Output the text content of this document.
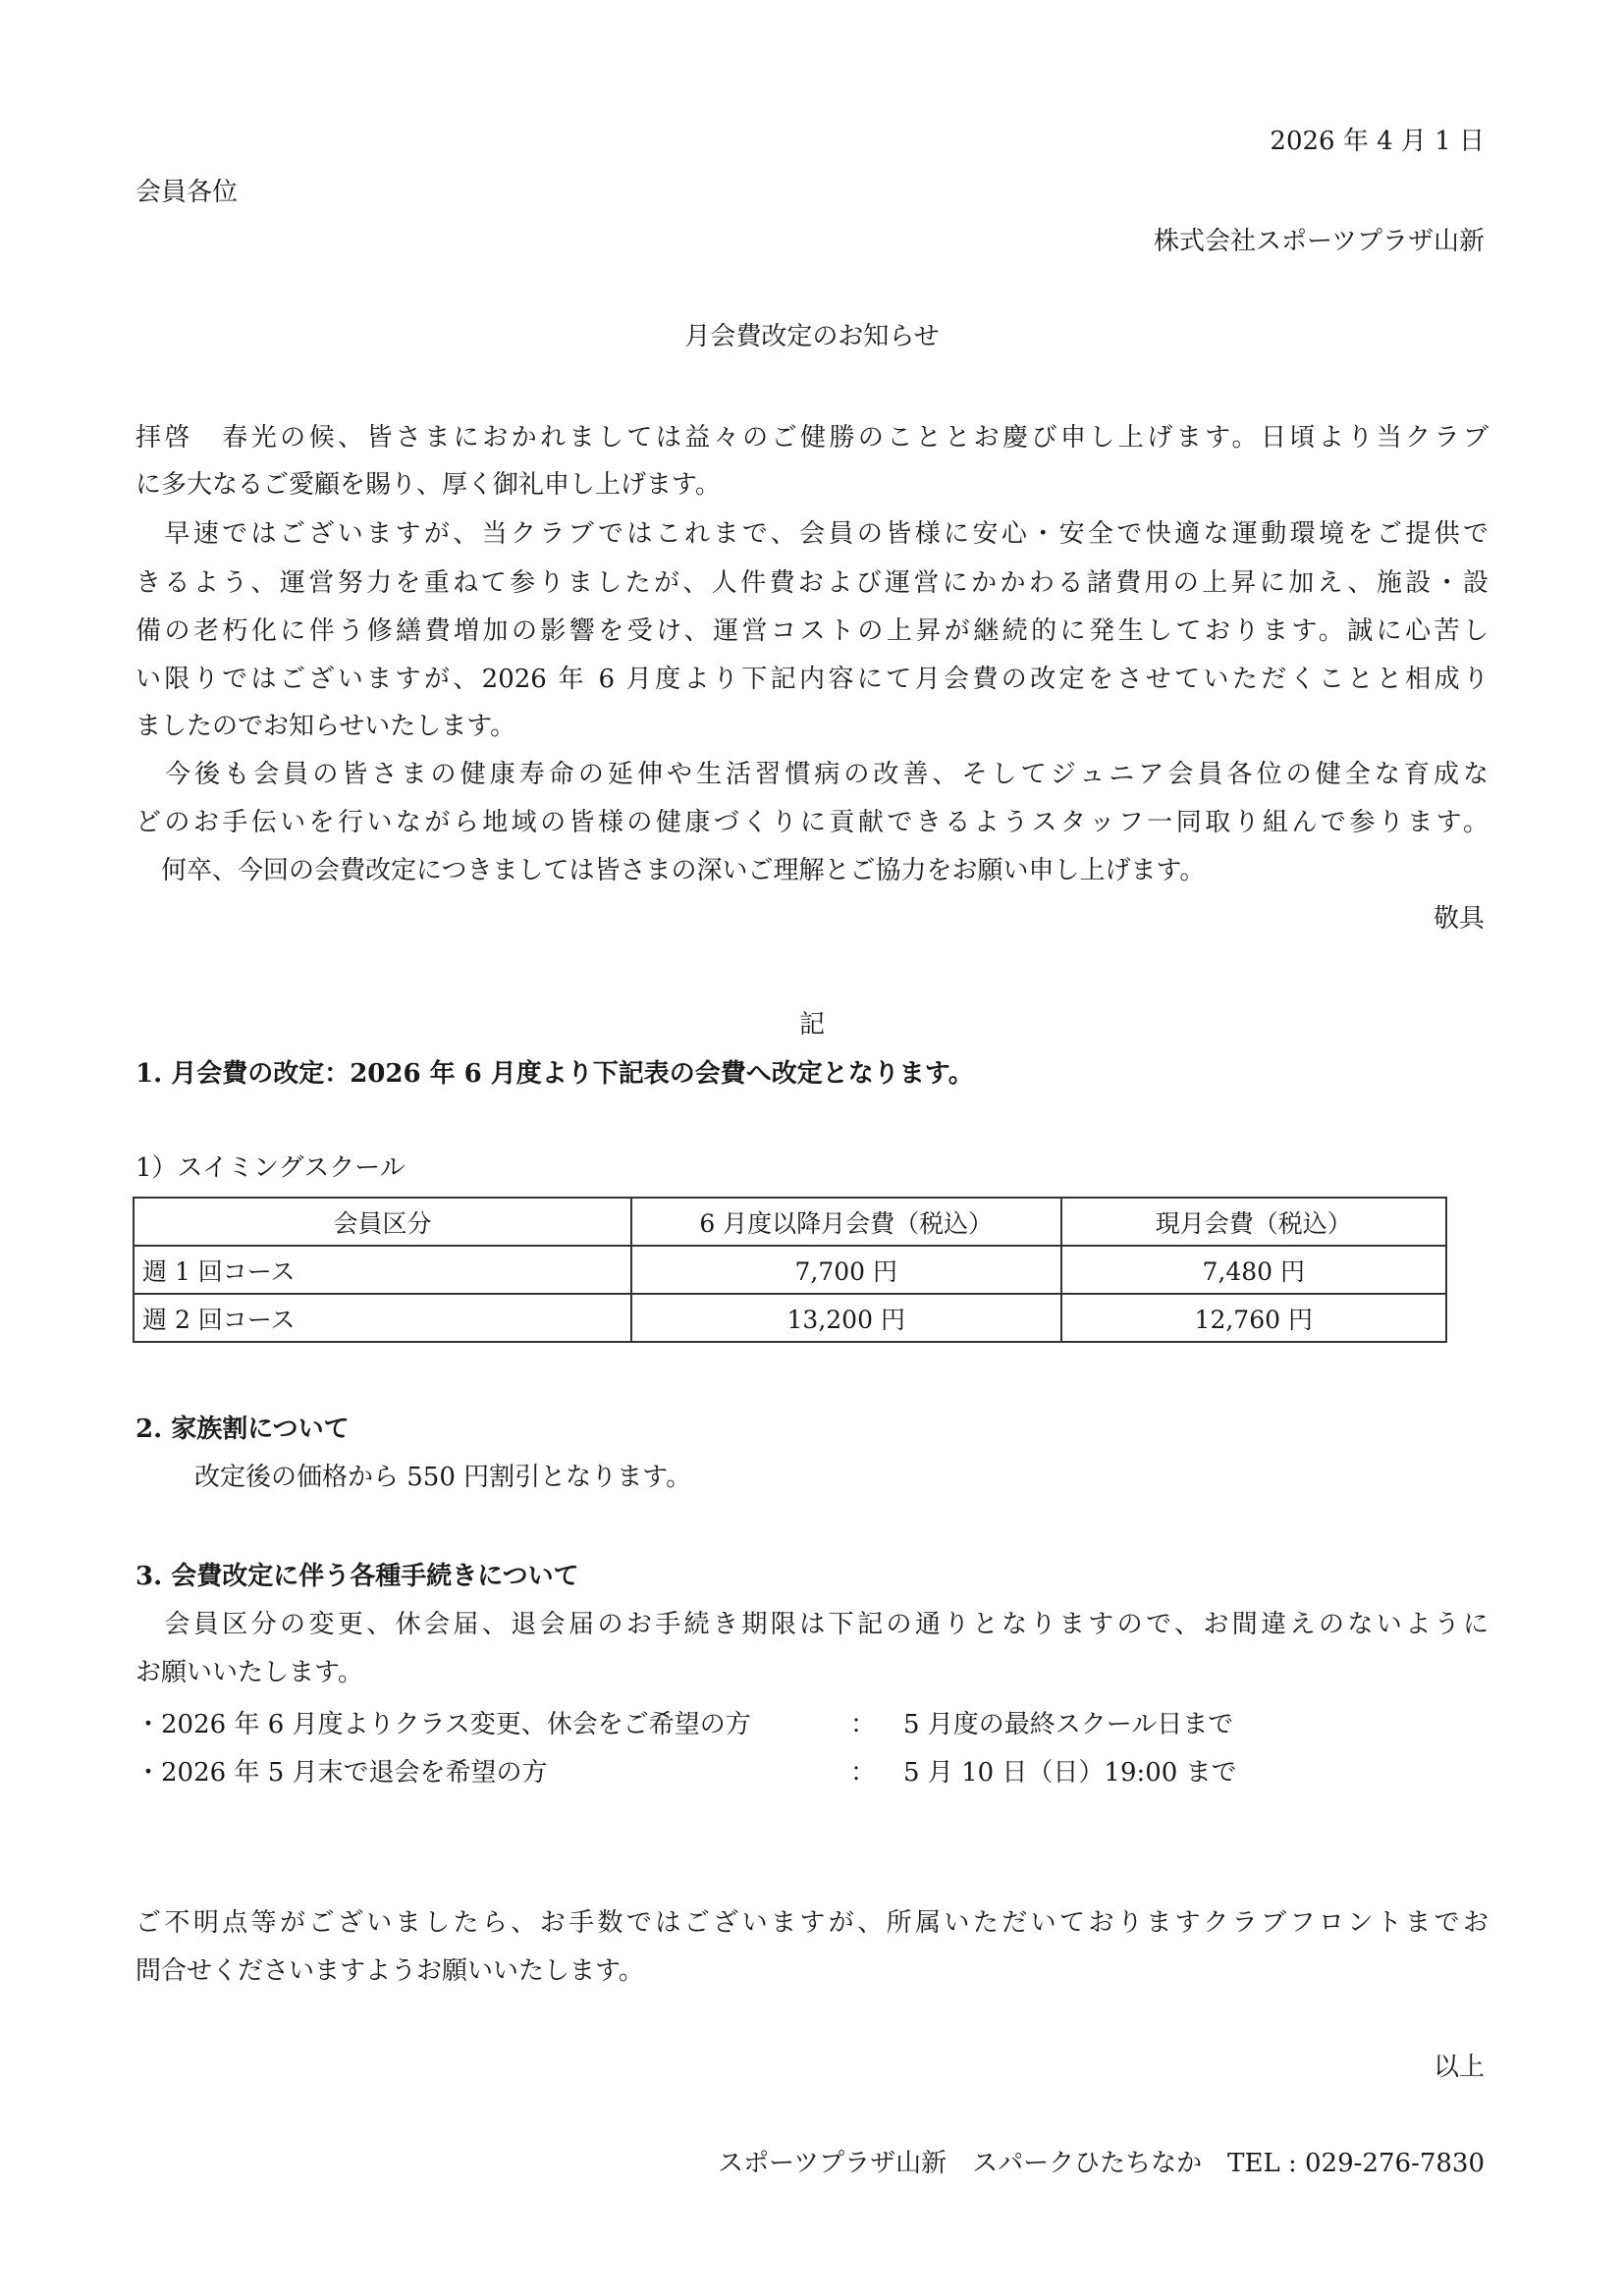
2026 年 4 月 1 日
会員各位
株式会社スポーツプラザ山新
月会費改定のお知らせ
拝啓　春光の候、皆さまにおかれましては益々のご健勝のこととお慶び申し上げます。日頃より当クラブ
に多大なるご愛顧を賜り、厚く御礼申し上げます。
　早速ではございますが、当クラブではこれまで、会員の皆様に安心・安全で快適な運動環境をご提供で
きるよう、運営努力を重ねて参りましたが、人件費および運営にかかわる諸費用の上昇に加え、施設・設
備の老朽化に伴う修繕費増加の影響を受け、運営コストの上昇が継続的に発生しております。誠に心苦し
い限りではございますが、2026 年 6 月度より下記内容にて月会費の改定をさせていただくことと相成り
ましたのでお知らせいたします。
　今後も会員の皆さまの健康寿命の延伸や生活習慣病の改善、そしてジュニア会員各位の健全な育成な
どのお手伝いを行いながら地域の皆様の健康づくりに貢献できるようスタッフ一同取り組んで参ります。
　何卒、今回の会費改定につきましては皆さまの深いご理解とご協力をお願い申し上げます。
敬具
記
1. 月会費の改定：2026 年 6 月度より下記表の会費へ改定となります。
1）スイミングスクール
会員区分	6 月度以降月会費（税込）	現月会費（税込）
週 1 回コース	7,700 円	7,480 円
週 2 回コース	13,200 円	12,760 円
2. 家族割について
改定後の価格から 550 円割引となります。
3. 会費改定に伴う各種手続きについて
　会員区分の変更、休会届、退会届のお手続き期限は下記の通りとなりますので、お間違えのないように
お願いいたします。
・2026 年 6 月度よりクラス変更、休会をご希望の方	： 5 月度の最終スクール日まで
・2026 年 5 月末で退会を希望の方	： 5 月 10 日（日）19:00 まで
ご不明点等がございましたら、お手数ではございますが、所属いただいておりますクラブフロントまでお
問合せくださいますようお願いいたします。
以上
スポーツプラザ山新　スパークひたちなか　TEL : 029-276-7830
